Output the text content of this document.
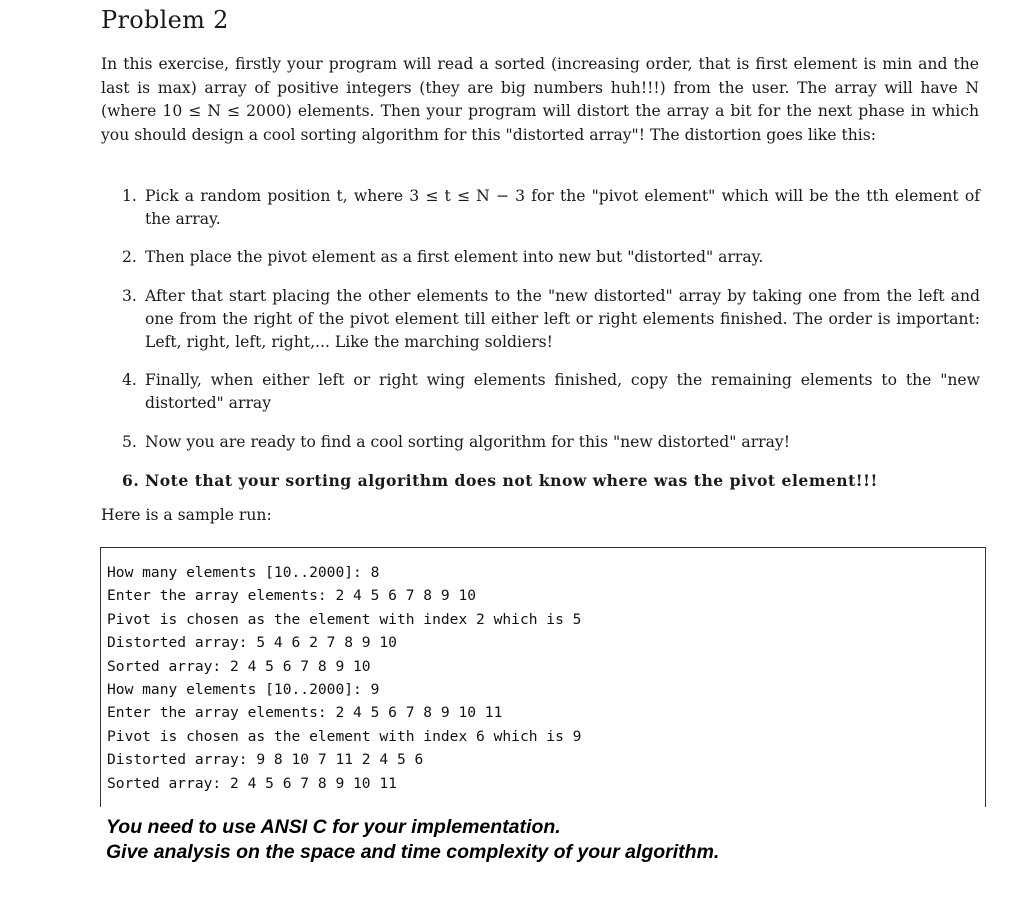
Problem 2

In this exercise, firstly your program will read a sorted (increasing order, that is first element is min and the last is max) array of positive integers (they are big numbers huh!!!) from the user. The array will have N (where 10 ≤ N ≤ 2000) elements. Then your program will distort the array a bit for the next phase in which you should design a cool sorting algorithm for this "distorted array"! The distortion goes like this:

1. Pick a random position t, where 3 ≤ t ≤ N − 3 for the "pivot element" which will be the tth element of the array.
2. Then place the pivot element as a first element into new but "distorted" array.
3. After that start placing the other elements to the "new distorted" array by taking one from the left and one from the right of the pivot element till either left or right elements finished. The order is important: Left, right, left, right,... Like the marching soldiers!
4. Finally, when either left or right wing elements finished, copy the remaining elements to the "new distorted" array
5. Now you are ready to find a cool sorting algorithm for this "new distorted" array!
6. Note that your sorting algorithm does not know where was the pivot element!!!

Here is a sample run:

How many elements [10..2000]: 8
Enter the array elements: 2 4 5 6 7 8 9 10
Pivot is chosen as the element with index 2 which is 5
Distorted array: 5 4 6 2 7 8 9 10
Sorted array: 2 4 5 6 7 8 9 10
How many elements [10..2000]: 9
Enter the array elements: 2 4 5 6 7 8 9 10 11
Pivot is chosen as the element with index 6 which is 9
Distorted array: 9 8 10 7 11 2 4 5 6
Sorted array: 2 4 5 6 7 8 9 10 11
You need to use ANSI C for your implementation.
Give analysis on the space and time complexity of your algorithm.
